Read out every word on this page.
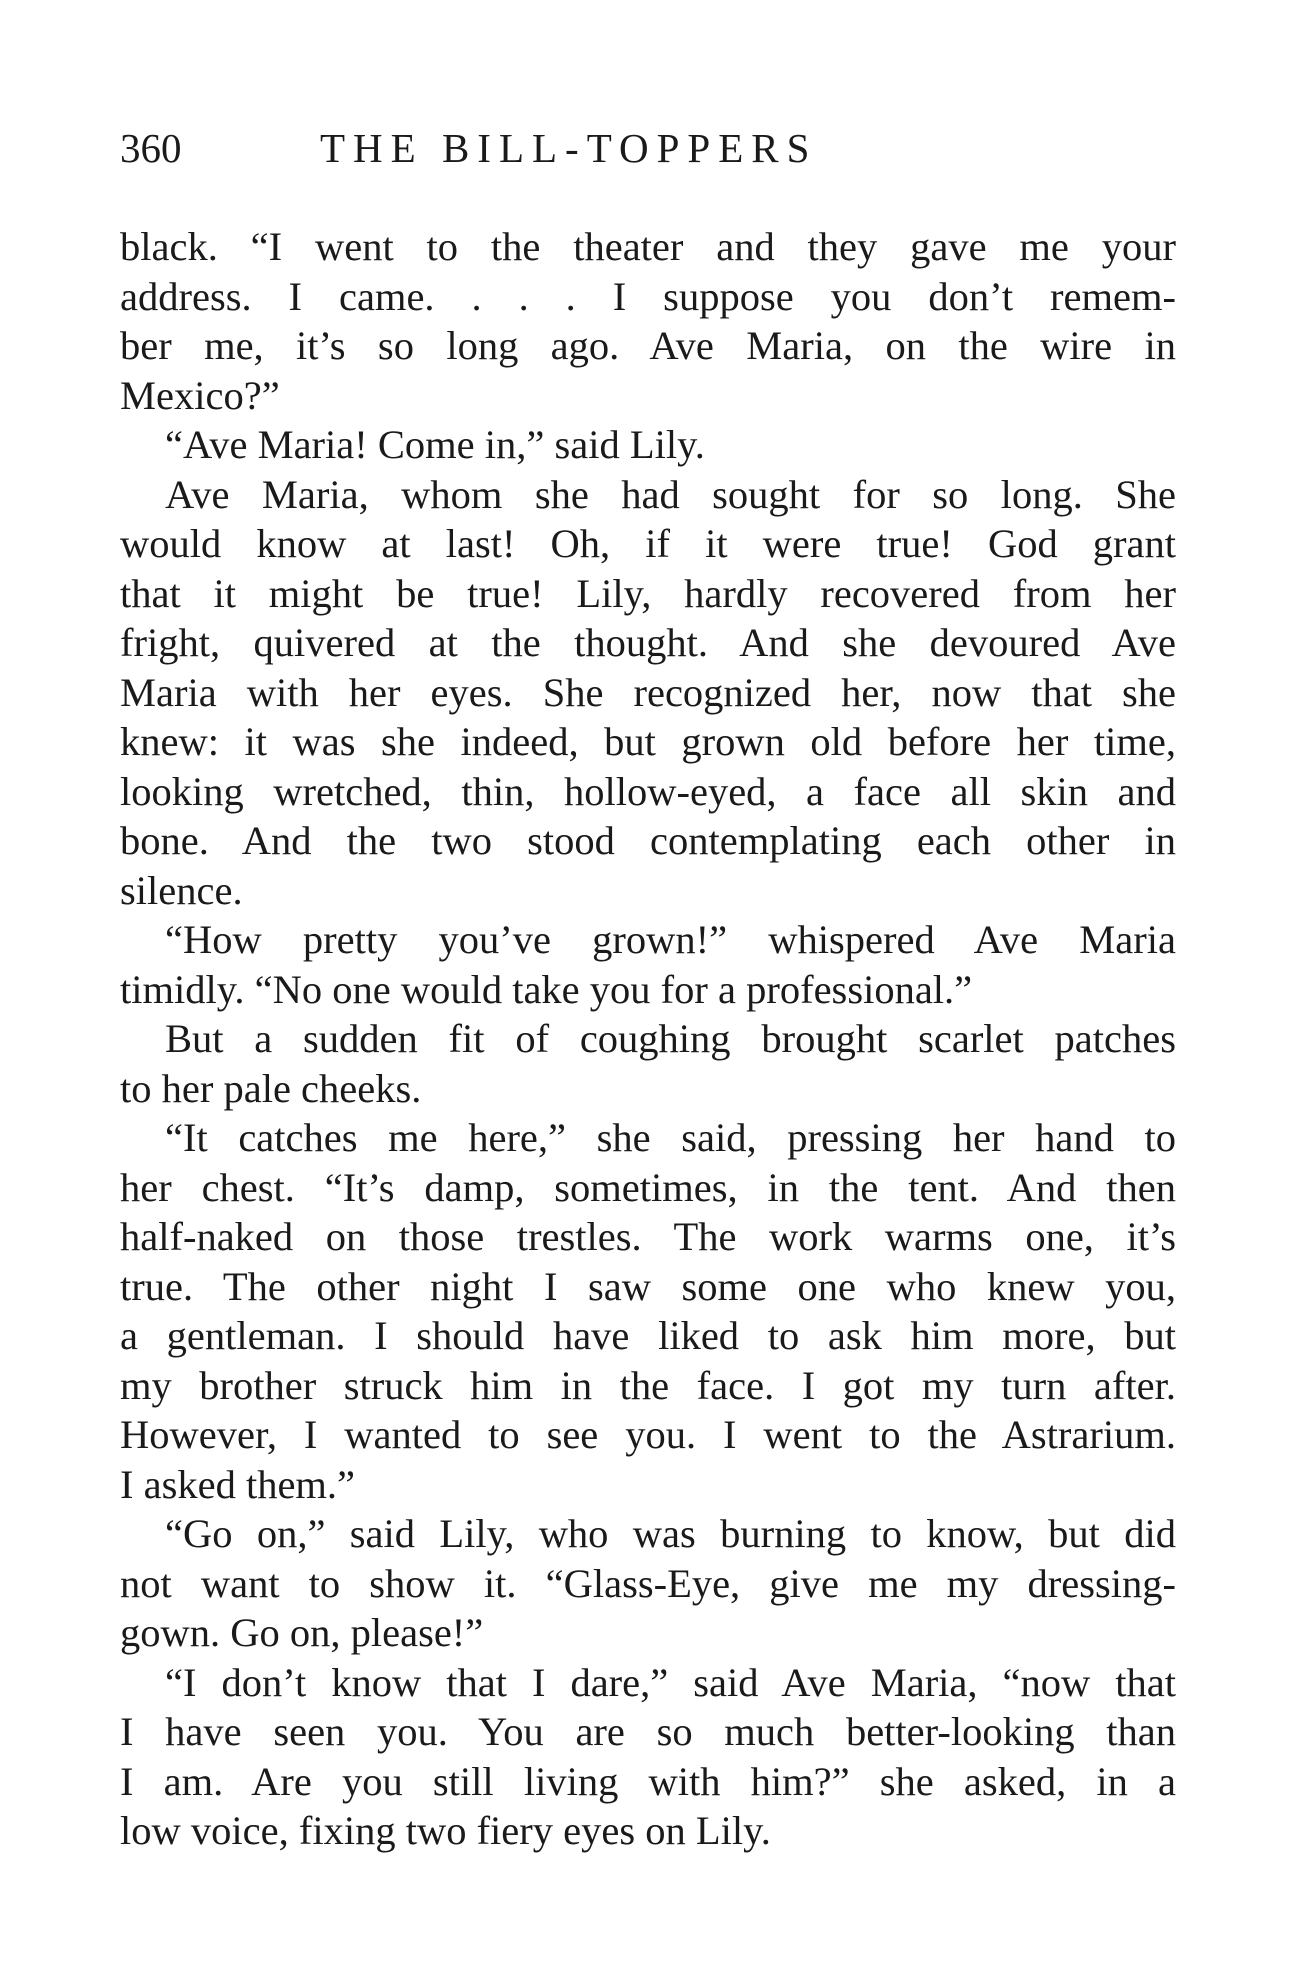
360	THE BILL-TOPPERS
black. “I went to the theater and they gave me your
address. I came. . . . I suppose you don’t remem-
ber me, it’s so long ago. Ave Maria, on the wire in
Mexico?”
“Ave Maria! Come in,” said Lily.
Ave Maria, whom she had sought for so long. She
would know at last! Oh, if it were true! God grant
that it might be true! Lily, hardly recovered from her
fright, quivered at the thought. And she devoured Ave
Maria with her eyes. She recognized her, now that she
knew: it was she indeed, but grown old before her time,
looking wretched, thin, hollow-eyed, a face all skin and
bone. And the two stood contemplating each other in
silence.
“How pretty you’ve grown!” whispered Ave Maria
timidly. “No one would take you for a professional.”
But a sudden fit of coughing brought scarlet patches
to her pale cheeks.
“It catches me here,” she said, pressing her hand to
her chest. “It’s damp, sometimes, in the tent. And then
half-naked on those trestles. The work warms one, it’s
true. The other night I saw some one who knew you,
a gentleman. I should have liked to ask him more, but
my brother struck him in the face. I got my turn after.
However, I wanted to see you. I went to the Astrarium.
I asked them.”
“Go on,” said Lily, who was burning to know, but did
not want to show it. “Glass-Eye, give me my dressing-
gown. Go on, please!”
“I don’t know that I dare,” said Ave Maria, “now that
I have seen you. You are so much better-looking than
I am. Are you still living with him?” she asked, in a
low voice, fixing two fiery eyes on Lily.
